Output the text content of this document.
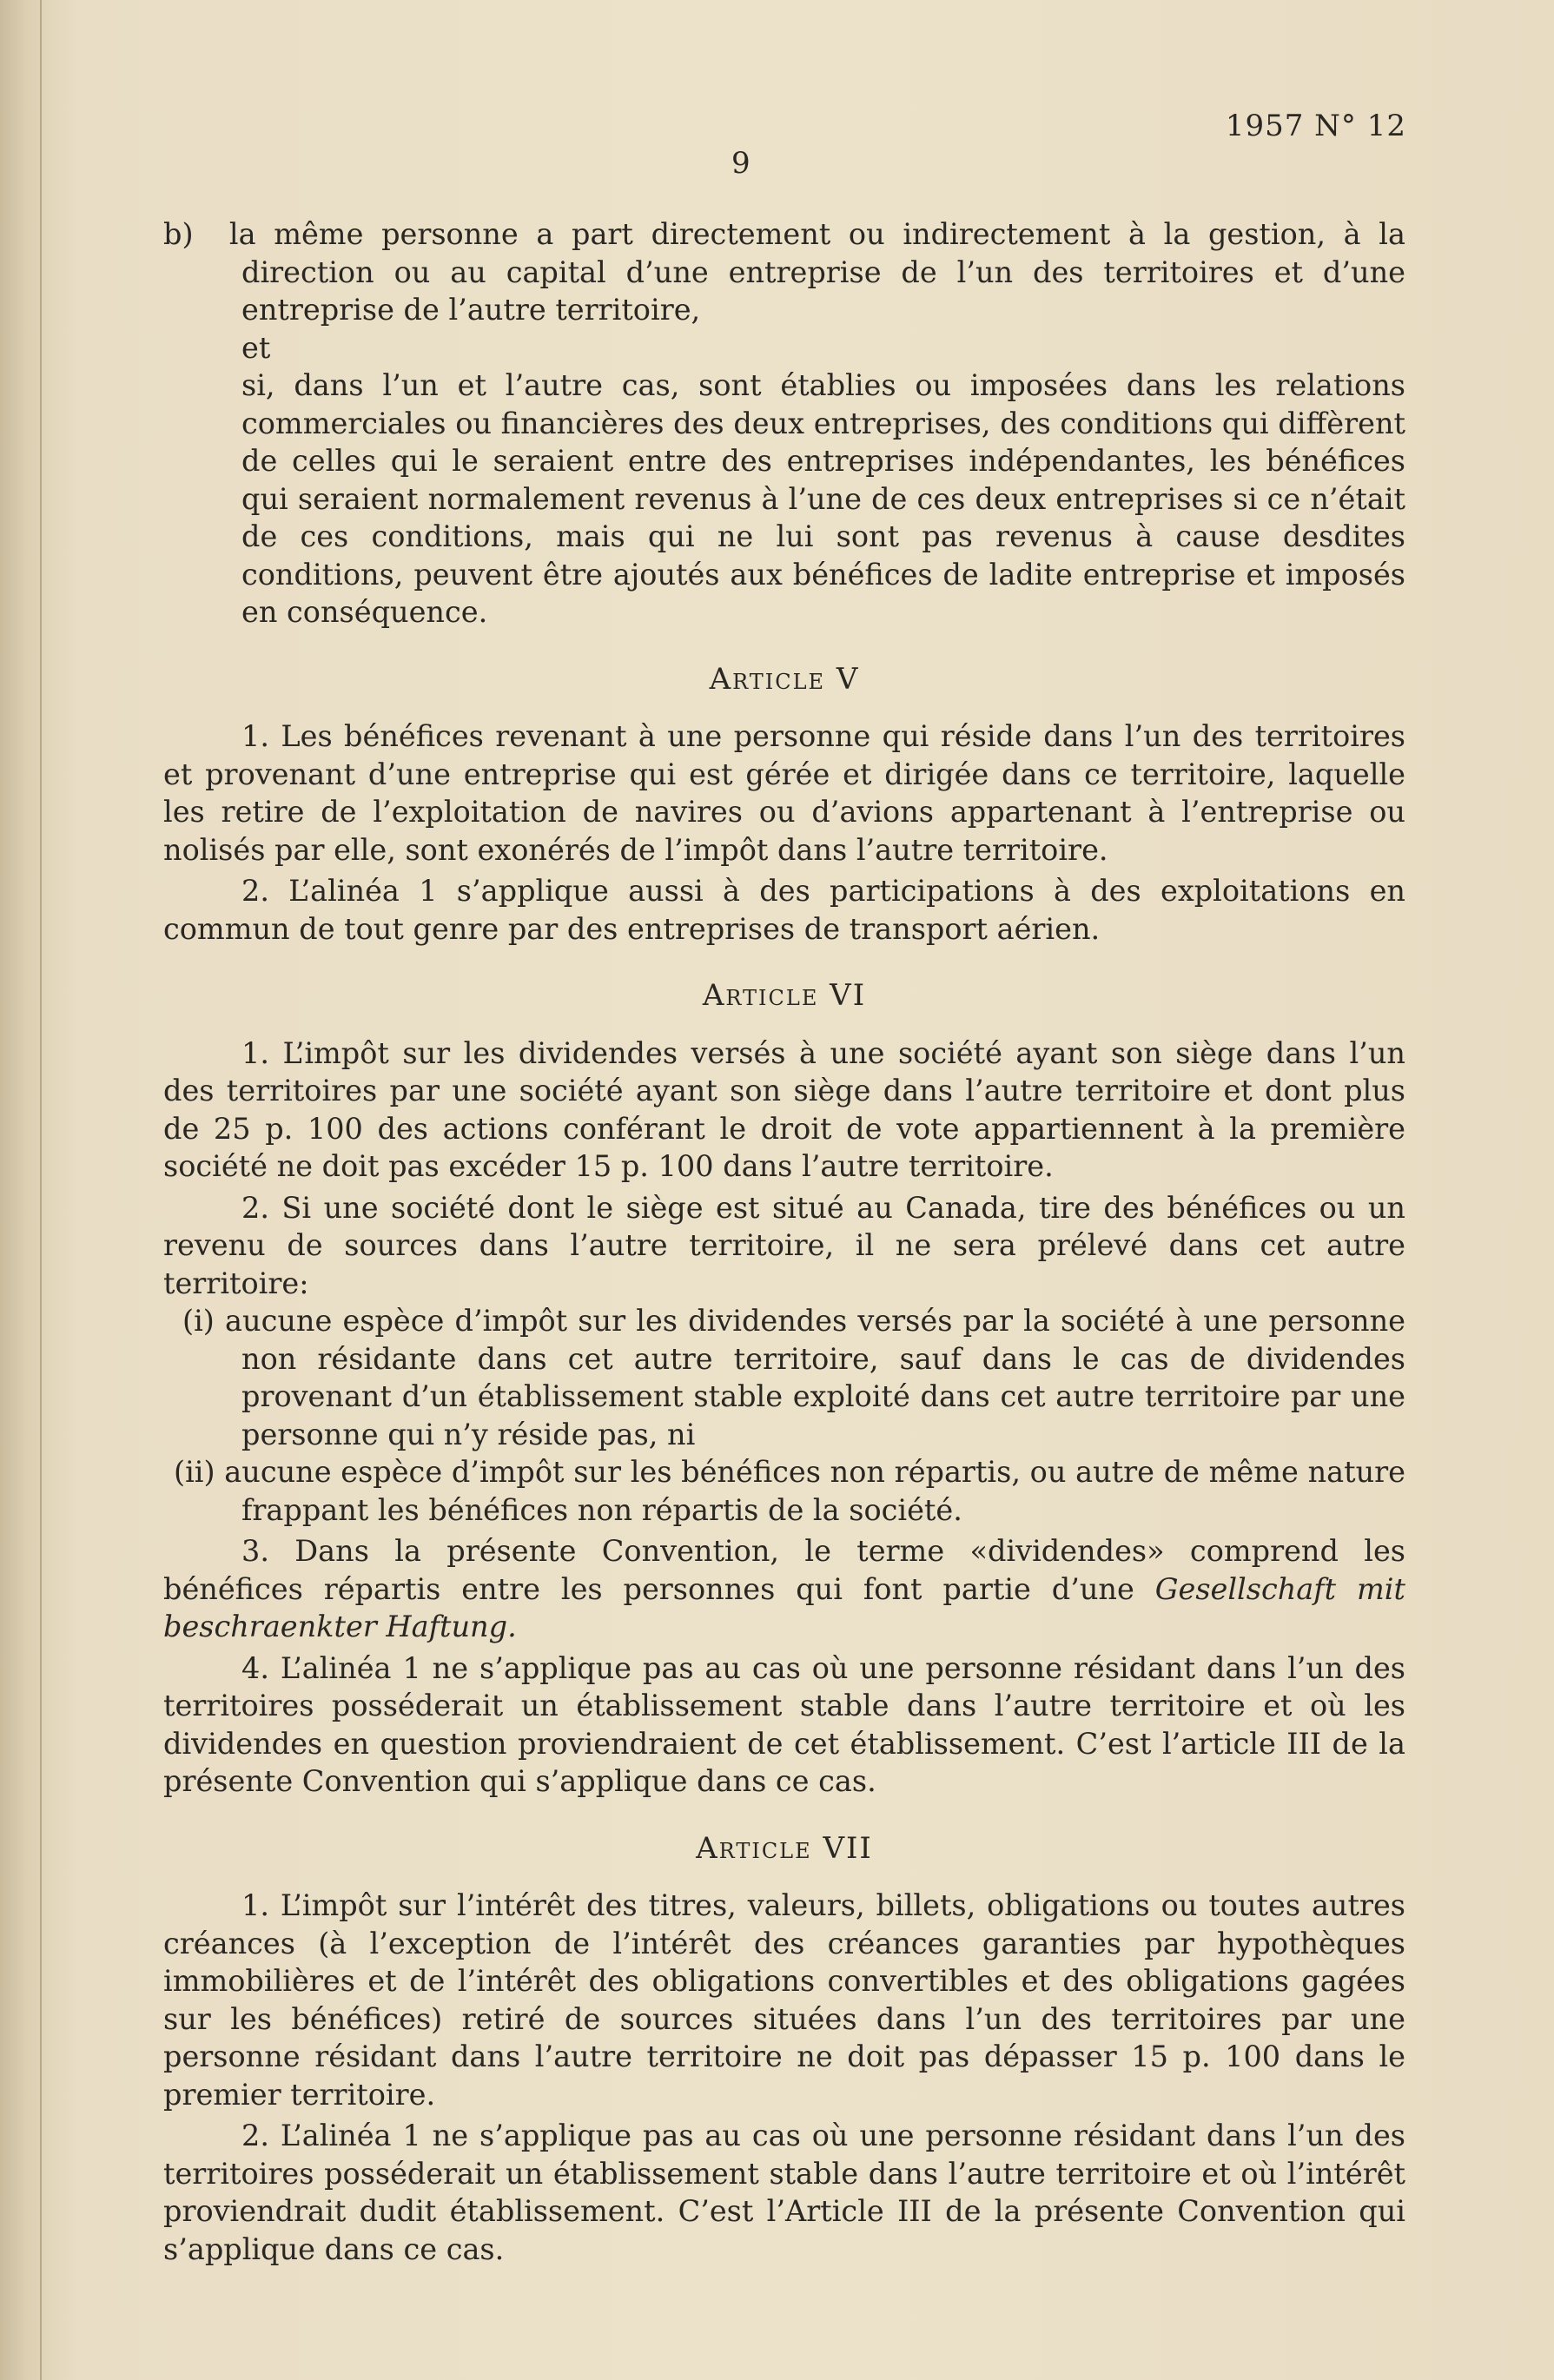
1957 N° 12
9

b) la même personne a part directement ou indirectement à la gestion, à la direction ou au capital d’une entreprise de l’un des territoires et d’une entreprise de l’autre territoire,

et

si, dans l’un et l’autre cas, sont établies ou imposées dans les relations commerciales ou financières des deux entreprises, des conditions qui diffèrent de celles qui le seraient entre des entreprises indépendantes, les bénéfices qui seraient normalement revenus à l’une de ces deux entreprises si ce n’était de ces conditions, mais qui ne lui sont pas revenus à cause desdites conditions, peuvent être ajoutés aux bénéfices de ladite entreprise et imposés en conséquence.

Article V

1. Les bénéfices revenant à une personne qui réside dans l’un des territoires et provenant d’une entreprise qui est gérée et dirigée dans ce territoire, laquelle les retire de l’exploitation de navires ou d’avions appartenant à l’entreprise ou nolisés par elle, sont exonérés de l’impôt dans l’autre territoire.

2. L’alinéa 1 s’applique aussi à des participations à des exploitations en commun de tout genre par des entreprises de transport aérien.

Article VI

1. L’impôt sur les dividendes versés à une société ayant son siège dans l’un des territoires par une société ayant son siège dans l’autre territoire et dont plus de 25 p. 100 des actions conférant le droit de vote appartiennent à la première société ne doit pas excéder 15 p. 100 dans l’autre territoire.

2. Si une société dont le siège est situé au Canada, tire des bénéfices ou un revenu de sources dans l’autre territoire, il ne sera prélevé dans cet autre territoire:

(i) aucune espèce d’impôt sur les dividendes versés par la société à une personne non résidante dans cet autre territoire, sauf dans le cas de dividendes provenant d’un établissement stable exploité dans cet autre territoire par une personne qui n’y réside pas, ni

(ii) aucune espèce d’impôt sur les bénéfices non répartis, ou autre de même nature frappant les bénéfices non répartis de la société.

3. Dans la présente Convention, le terme «dividendes» comprend les bénéfices répartis entre les personnes qui font partie d’une Gesellschaft mit beschraenkter Haftung.

4. L’alinéa 1 ne s’applique pas au cas où une personne résidant dans l’un des territoires posséderait un établissement stable dans l’autre territoire et où les dividendes en question proviendraient de cet établissement. C’est l’article III de la présente Convention qui s’applique dans ce cas.

Article VII

1. L’impôt sur l’intérêt des titres, valeurs, billets, obligations ou toutes autres créances (à l’exception de l’intérêt des créances garanties par hypothèques immobilières et de l’intérêt des obligations convertibles et des obligations gagées sur les bénéfices) retiré de sources situées dans l’un des territoires par une personne résidant dans l’autre territoire ne doit pas dépasser 15 p. 100 dans le premier territoire.

2. L’alinéa 1 ne s’applique pas au cas où une personne résidant dans l’un des territoires posséderait un établissement stable dans l’autre territoire et où l’intérêt proviendrait dudit établissement. C’est l’Article III de la présente Convention qui s’applique dans ce cas.
